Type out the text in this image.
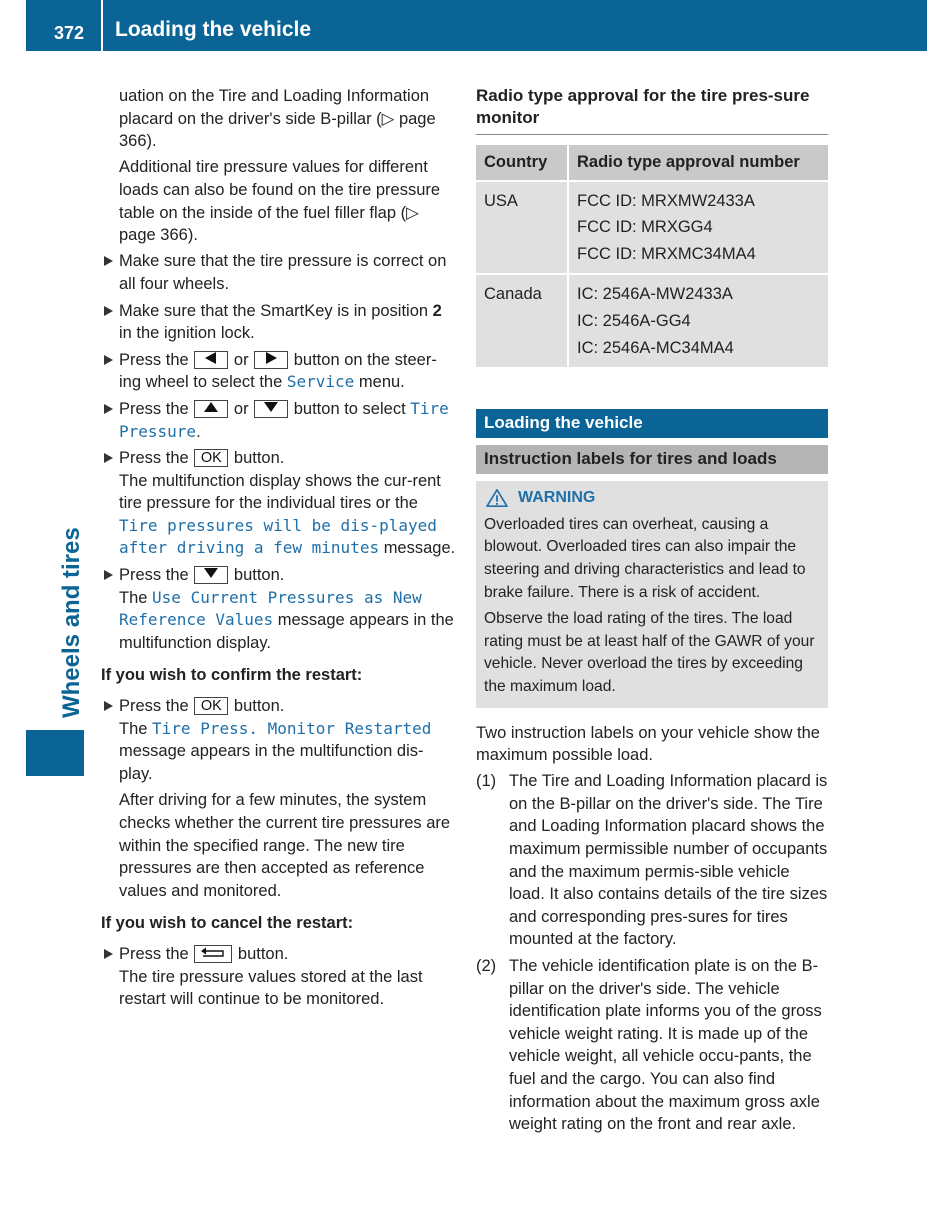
372 Loading the vehicle
Wheels and tires

uation on the Tire and Loading Information placard on the driver's side B-pillar (▷ page 366).

Additional tire pressure values for different loads can also be found on the tire pressure table on the inside of the fuel filler flap (▷ page 366).

Make sure that the tire pressure is correct on all four wheels.
Make sure that the SmartKey is in position 2 in the ignition lock.
Press the	or	button on the steer-ing wheel to select the Service menu.
Press the	or	button to select Tire Pressure.
Press the OK button.
The multifunction display shows the cur-rent tire pressure for the individual tires or the Tire pressures will be dis-played after driving a few minutes message.
Press the	button.
The Use Current Pressures as New Reference Values message appears in the multifunction display.
If you wish to confirm the restart:
Press the OK button.
The Tire Press. Monitor Restarted message appears in the multifunction dis-play.

After driving for a few minutes, the system checks whether the current tire pressures are within the specified range. The new tire pressures are then accepted as reference values and monitored.

If you wish to cancel the restart:
Press the	button.
The tire pressure values stored at the last restart will continue to be monitored.
Radio type approval for the tire pres-sure monitor
Country	Radio type approval number
USA	FCC ID: MRXMW2433A
FCC ID: MRXGG4
FCC ID: MRXMC34MA4

Canada	IC: 2546A-MW2433A
IC: 2546A-GG4
IC: 2546A-MC34MA4
Loading the vehicle
Instruction labels for tires and loads
WARNING

Overloaded tires can overheat, causing a blowout. Overloaded tires can also impair the steering and driving characteristics and lead to brake failure. There is a risk of accident.

Observe the load rating of the tires. The load rating must be at least half of the GAWR of your vehicle. Never overload the tires by exceeding the maximum load.

Two instruction labels on your vehicle show the maximum possible load.

(1) The Tire and Loading Information placard is on the B-pillar on the driver's side. The Tire and Loading Information placard shows the maximum permissible number of occupants and the maximum permis-sible vehicle load. It also contains details of the tire sizes and corresponding pres-sures for tires mounted at the factory.
(2) The vehicle identification plate is on the B-pillar on the driver's side. The vehicle identification plate informs you of the gross vehicle weight rating. It is made up of the vehicle weight, all vehicle occu-pants, the fuel and the cargo. You can also find information about the maximum gross axle weight rating on the front and rear axle.
